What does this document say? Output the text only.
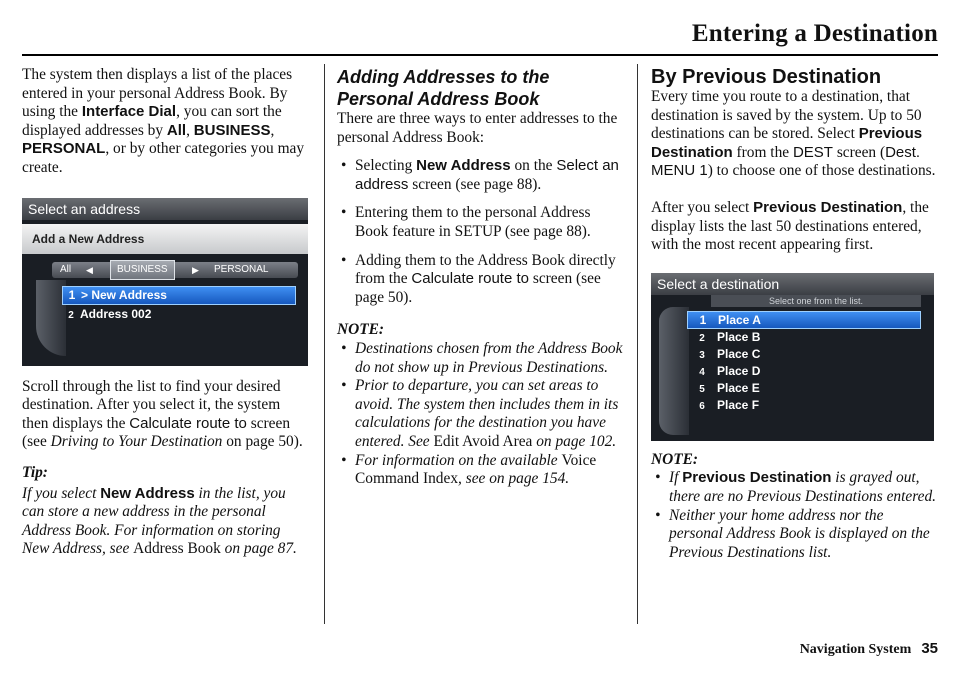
Entering a Destination

The system then displays a list of the places entered in your personal Address Book. By using the Interface Dial, you can sort the displayed addresses by All, BUSINESS, PERSONAL, or by other categories you may create.

Select an address
Add a New Address
All ◀	BUSINESS	▶ PERSONAL
1 > New Address
2 Address 002

Scroll through the list to find your desired destination. After you select it, the system then displays the Calculate route to screen (see Driving to Your Destination on page 50).

Tip:

If you select New Address in the list, you can store a new address in the personal Address Book. For information on storing New Address, see Address Book on page 87.

Adding Addresses to the Personal Address Book

There are three ways to enter addresses to the personal Address Book:

• Selecting New Address on the Select an address screen (see page 88).
• Entering them to the personal Address Book feature in SETUP (see page 88).
• Adding them to the Address Book directly from the Calculate route to screen (see page 50).

NOTE:

• Destinations chosen from the Address Book do not show up in Previous Destinations.
• Prior to departure, you can set areas to avoid. The system then includes them in its calculations for the destination you have entered. See Edit Avoid Area on page 102.
• For information on the available Voice Command Index, see on page 154.

By Previous Destination

Every time you route to a destination, that destination is saved by the system. Up to 50 destinations can be stored. Select Previous Destination from the DEST screen (Dest. MENU 1) to choose one of those destinations.

After you select Previous Destination, the display lists the last 50 destinations entered, with the most recent appearing first.

Select a destination
Select one from the list.
1 Place A
2 Place B
3 Place C
4 Place D
5 Place E
6 Place F

NOTE:

• If Previous Destination is grayed out, there are no Previous Destinations entered.
• Neither your home address nor the personal Address Book is displayed on the Previous Destinations list.
Navigation System 35
